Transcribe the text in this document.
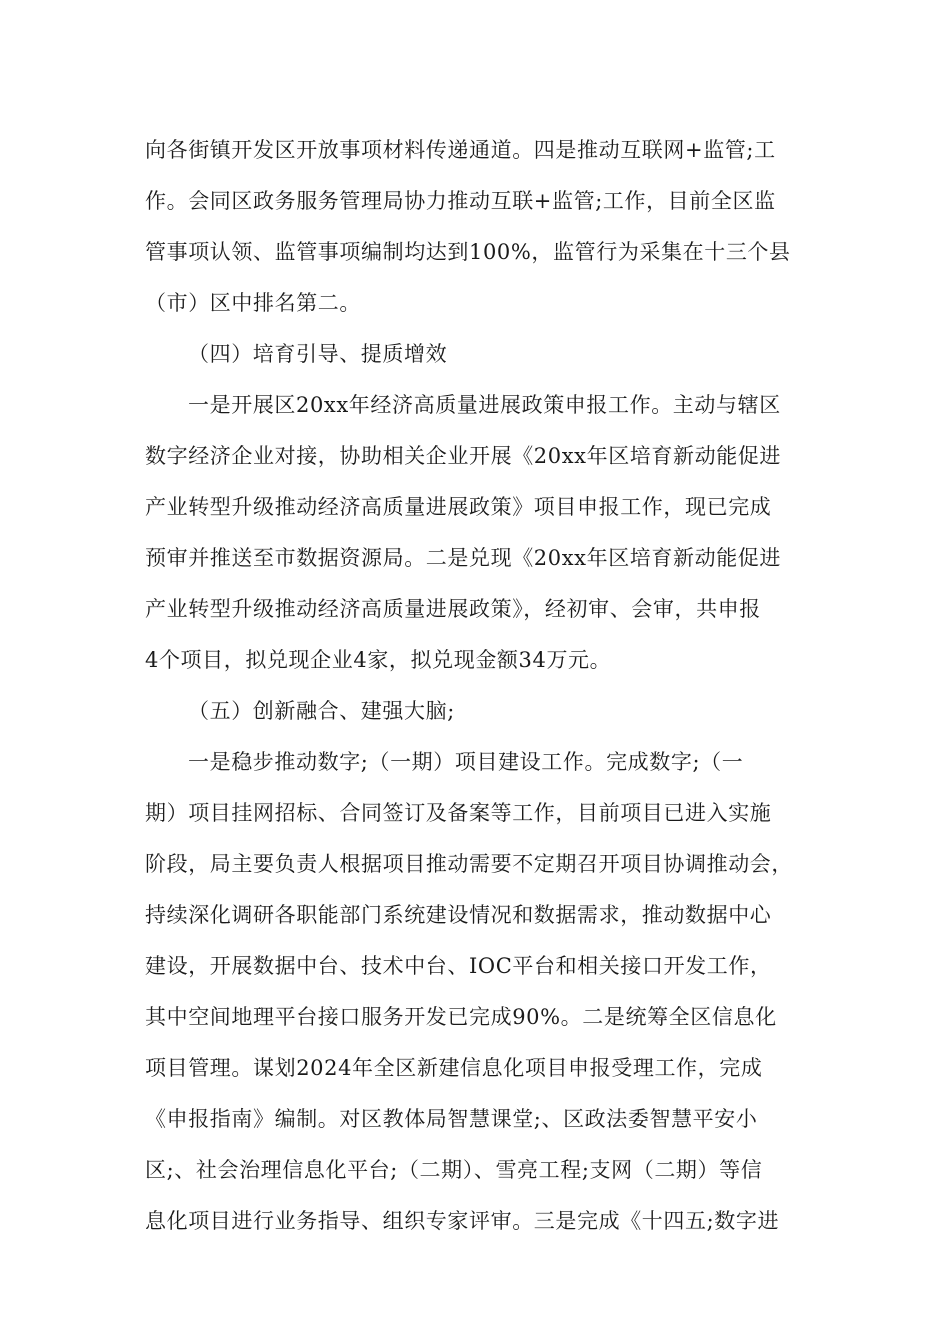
向各街镇开发区开放事项材料传递通道。四是推动互联网+监管;工
作。会同区政务服务管理局协力推动互联+监管;工作，目前全区监
管事项认领、监管事项编制均达到100%，监管行为采集在十三个县
（市）区中排名第二。
（四）培育引导、提质增效
一是开展区20xx年经济高质量进展政策申报工作。主动与辖区
数字经济企业对接，协助相关企业开展《20xx年区培育新动能促进
产业转型升级推动经济高质量进展政策》项目申报工作，现已完成
预审并推送至市数据资源局。二是兑现《20xx年区培育新动能促进
产业转型升级推动经济高质量进展政策》，经初审、会审，共申报
4个项目，拟兑现企业4家，拟兑现金额34万元。
（五）创新融合、建强大脑;
一是稳步推动数字;（一期）项目建设工作。完成数字;（一
期）项目挂网招标、合同签订及备案等工作，目前项目已进入实施
阶段，局主要负责人根据项目推动需要不定期召开项目协调推动会，
持续深化调研各职能部门系统建设情况和数据需求，推动数据中心
建设，开展数据中台、技术中台、IOC平台和相关接口开发工作，
其中空间地理平台接口服务开发已完成90%。二是统筹全区信息化
项目管理。谋划2024年全区新建信息化项目申报受理工作，完成
《申报指南》编制。对区教体局智慧课堂;、区政法委智慧平安小
区;、社会治理信息化平台;（二期）、雪亮工程;支网（二期）等信
息化项目进行业务指导、组织专家评审。三是完成《十四五;数字进
